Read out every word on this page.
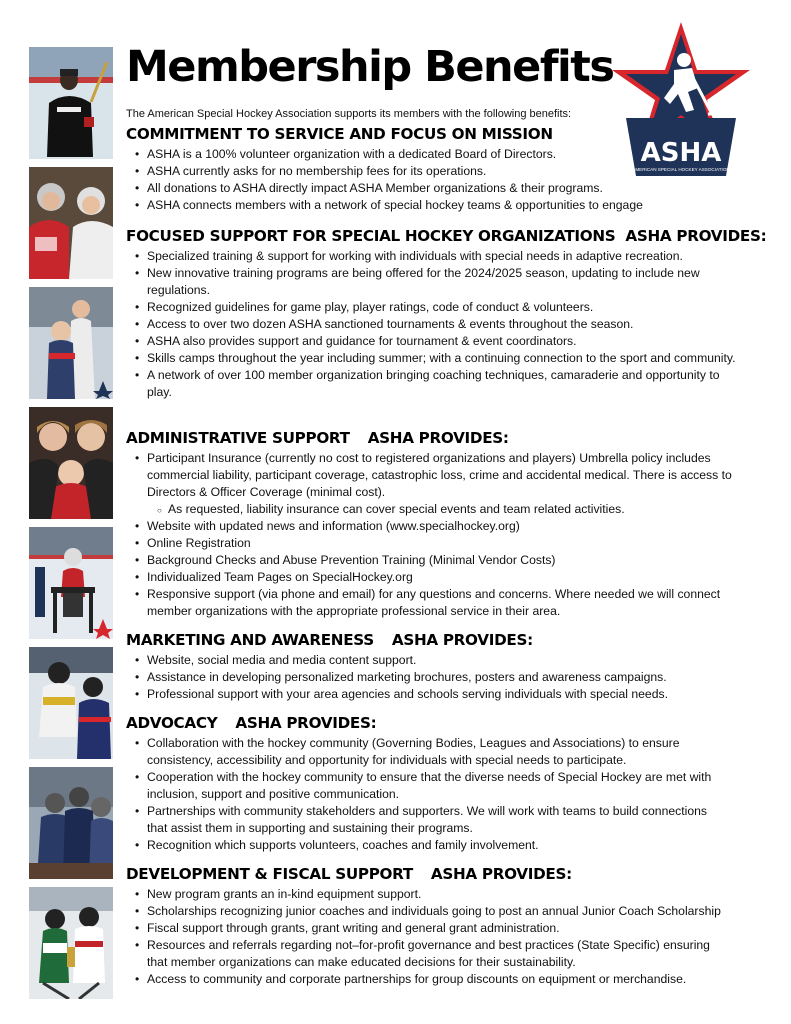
Membership Benefits
The American Special Hockey Association supports its members with the following benefits:
ASHA
AMERICAN SPECIAL HOCKEY ASSOCIATION
COMMITMENT TO SERVICE AND FOCUS ON MISSION
• ASHA is a 100% volunteer organization with a dedicated Board of Directors.
• ASHA currently asks for no membership fees for its operations.
• All donations to ASHA directly impact ASHA Member organizations & their programs.
• ASHA connects members with a network of special hockey teams & opportunities to engage
FOCUSED SUPPORT FOR SPECIAL HOCKEY ORGANIZATIONS  ASHA PROVIDES:
• Specialized training & support for working with individuals with special needs in adaptive recreation.
• New innovative training programs are being offered for the 2024/2025 season, updating to include new regulations.
• Recognized guidelines for game play, player ratings, code of conduct & volunteers.
• Access to over two dozen ASHA sanctioned tournaments & events throughout the season.
• ASHA also provides support and guidance for tournament & event coordinators.
• Skills camps throughout the year including summer; with a continuing connection to the sport and community.
• A network of over 100 member organization bringing coaching techniques, camaraderie and opportunity to play.
ADMINISTRATIVE SUPPORT ASHA PROVIDES:
• Participant Insurance (currently no cost to registered organizations and players) Umbrella policy includes commercial liability, participant coverage, catastrophic loss, crime and accidental medical. There is access to Directors & Officer Coverage (minimal cost).
○ As requested, liability insurance can cover special events and team related activities.
• Website with updated news and information (www.specialhockey.org)
• Online Registration
• Background Checks and Abuse Prevention Training (Minimal Vendor Costs)
• Individualized Team Pages on SpecialHockey.org
• Responsive support (via phone and email) for any questions and concerns. Where needed we will connect member organizations with the appropriate professional service in their area.
MARKETING AND AWARENESS ASHA PROVIDES:
• Website, social media and media content support.
• Assistance in developing personalized marketing brochures, posters and awareness campaigns.
• Professional support with your area agencies and schools serving individuals with special needs.
ADVOCACY ASHA PROVIDES:
• Collaboration with the hockey community (Governing Bodies, Leagues and Associations) to ensure consistency, accessibility and opportunity for individuals with special needs to participate.
• Cooperation with the hockey community to ensure that the diverse needs of Special Hockey are met with inclusion, support and positive communication.
• Partnerships with community stakeholders and supporters. We will work with teams to build connections that assist them in supporting and sustaining their programs.
• Recognition which supports volunteers, coaches and family involvement.
DEVELOPMENT & FISCAL SUPPORT ASHA PROVIDES:
• New program grants an in-kind equipment support.
• Scholarships recognizing junior coaches and individuals going to post an annual Junior Coach Scholarship
• Fiscal support through grants, grant writing and general grant administration.
• Resources and referrals regarding not–for-profit governance and best practices (State Specific) ensuring that member organizations can make educated decisions for their sustainability.
• Access to community and corporate partnerships for group discounts on equipment or merchandise.
